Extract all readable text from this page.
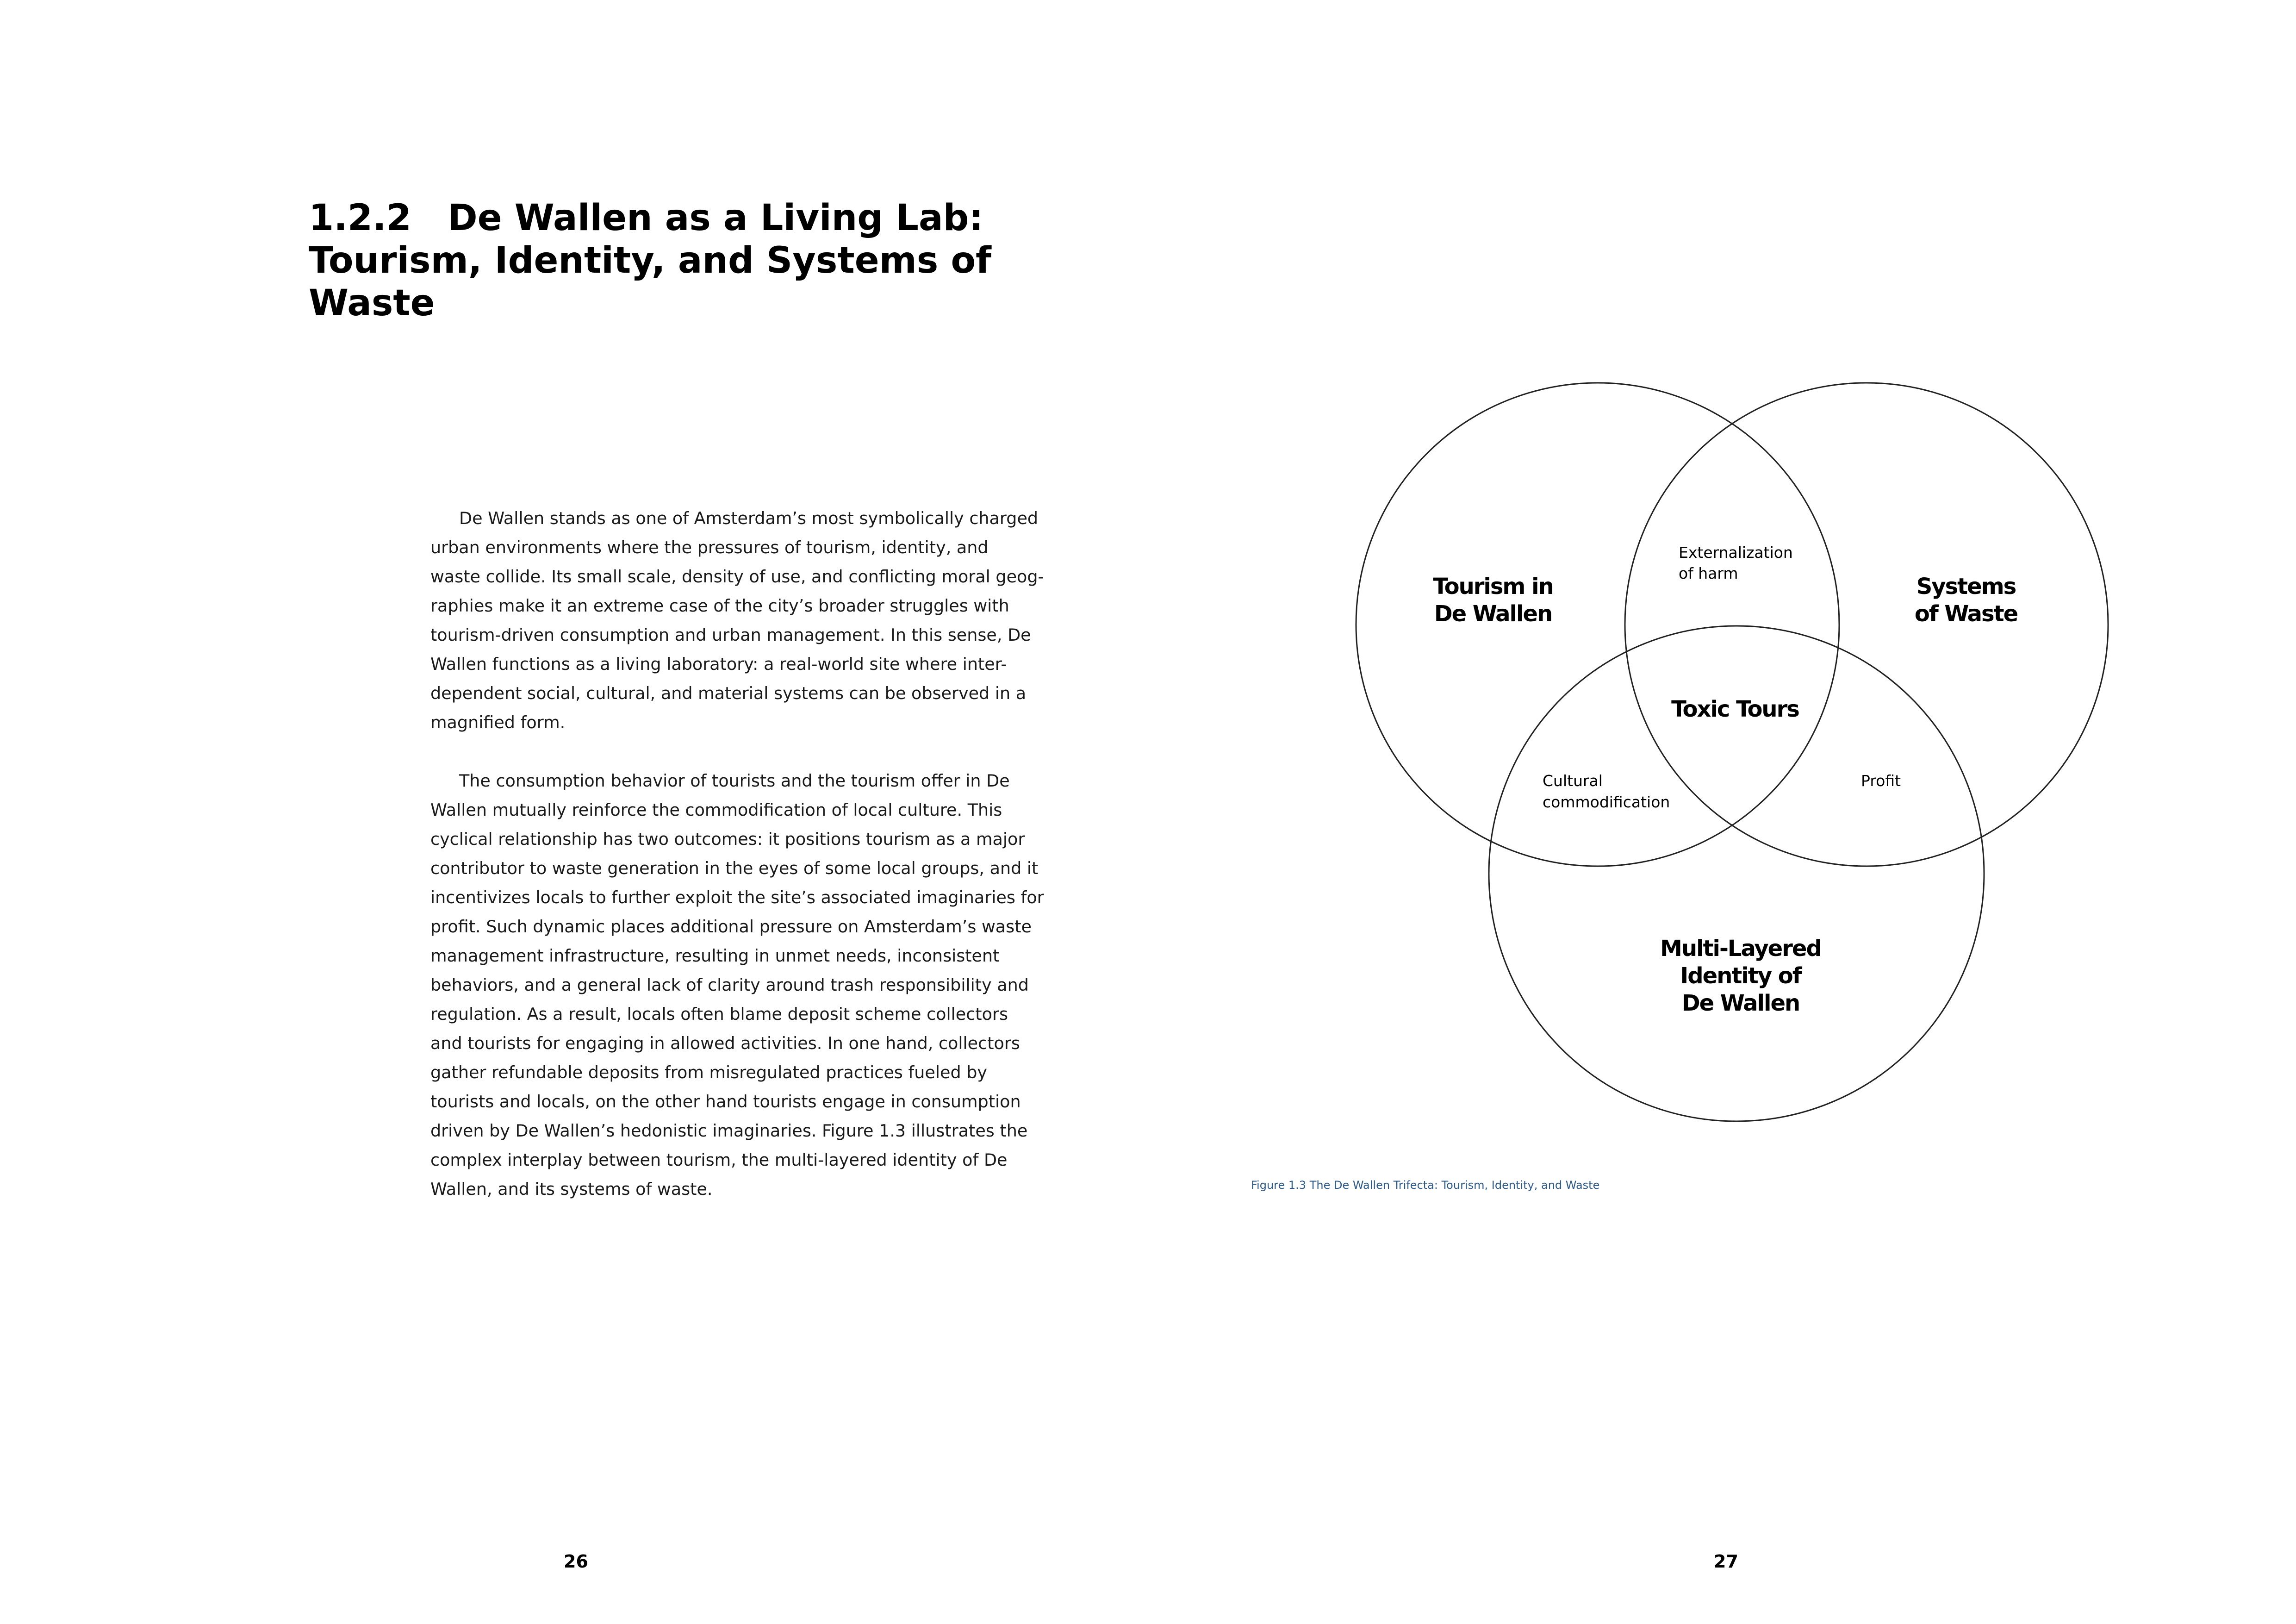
1.2.2 De Wallen as a Living Lab:
Tourism, Identity, and Systems of
Waste

De Wallen stands as one of Amsterdam’s most symbolically charged
urban environments where the pressures of tourism, identity, and
waste collide. Its small scale, density of use, and conflicting moral geog-
raphies make it an extreme case of the city’s broader struggles with
tourism-driven consumption and urban management. In this sense, De
Wallen functions as a living laboratory: a real-world site where inter-
dependent social, cultural, and material systems can be observed in a
magnified form.

The consumption behavior of tourists and the tourism offer in De
Wallen mutually reinforce the commodification of local culture. This
cyclical relationship has two outcomes: it positions tourism as a major
contributor to waste generation in the eyes of some local groups, and it
incentivizes locals to further exploit the site’s associated imaginaries for
profit. Such dynamic places additional pressure on Amsterdam’s waste
management infrastructure, resulting in unmet needs, inconsistent
behaviors, and a general lack of clarity around trash responsibility and
regulation. As a result, locals often blame deposit scheme collectors
and tourists for engaging in allowed activities. In one hand, collectors
gather refundable deposits from misregulated practices fueled by
tourists and locals, on the other hand tourists engage in consumption
driven by De Wallen’s hedonistic imaginaries. Figure 1.3 illustrates the
complex interplay between tourism, the multi-layered identity of De
Wallen, and its systems of waste.

26
Tourism in
De Wallen
Systems
of Waste
Multi-Layered
Identity of
De Wallen
Externalization
of harm
Cultural
commodification
Profit
Toxic Tours
Figure 1.3 The De Wallen Trifecta: Tourism, Identity, and Waste
27
